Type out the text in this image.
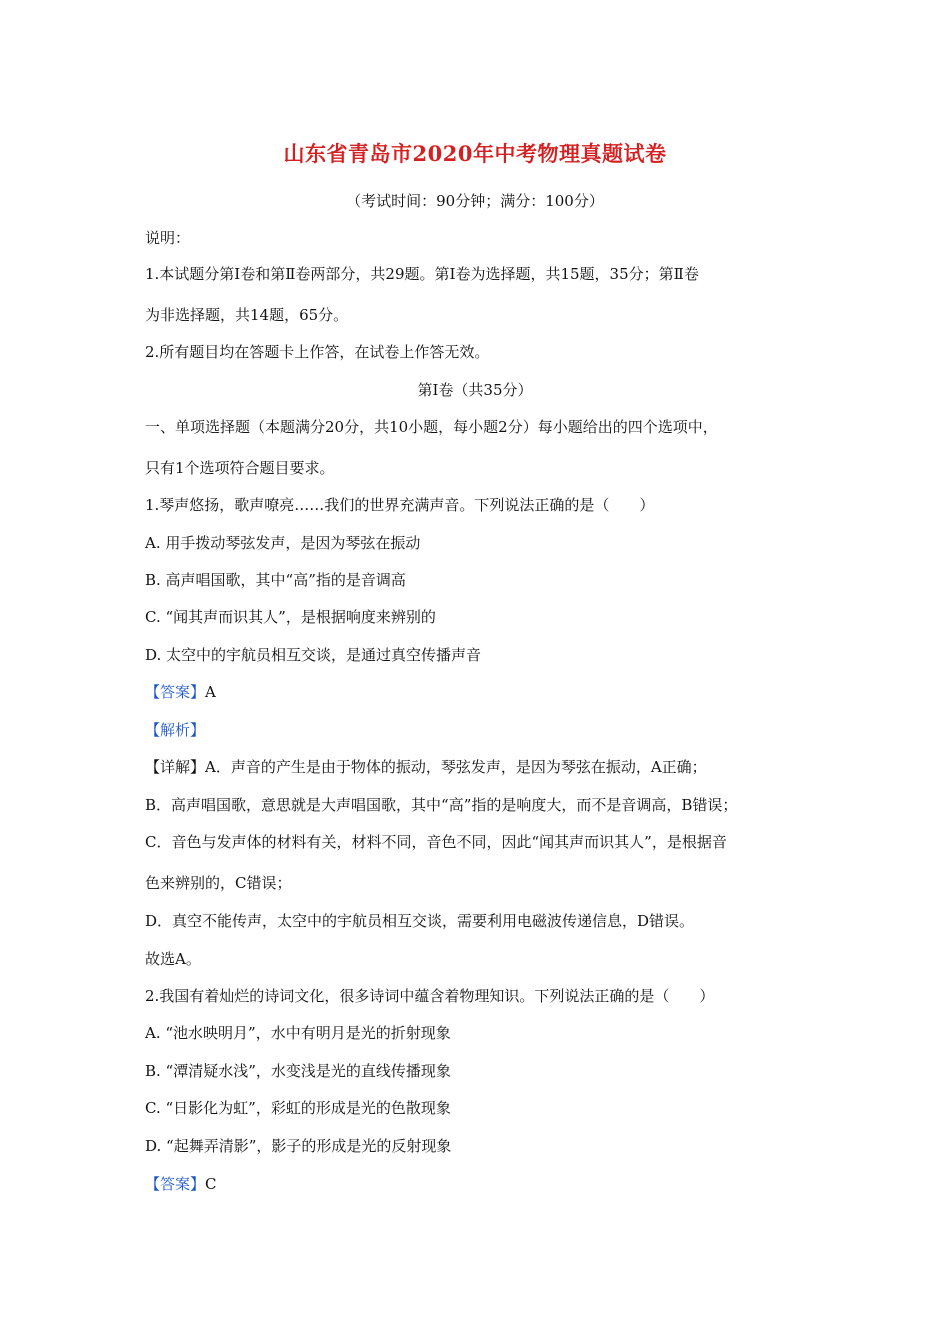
山东省青岛市2020年中考物理真题试卷
（考试时间：90分钟；满分：100分）
说明：
1.本试题分第Ⅰ卷和第Ⅱ卷两部分，共29题。第Ⅰ卷为选择题，共15题，35分；第Ⅱ卷
为非选择题，共14题，65分。
2.所有题目均在答题卡上作答，在试卷上作答无效。
第Ⅰ卷（共35分）
一、单项选择题（本题满分20分，共10小题，每小题2分）每小题给出的四个选项中，
只有1个选项符合题目要求。
1.琴声悠扬，歌声嘹亮……我们的世界充满声音。下列说法正确的是（　　）
A. 用手拨动琴弦发声，是因为琴弦在振动
B. 高声唱国歌，其中“高”指的是音调高
C. “闻其声而识其人”，是根据响度来辨别的
D. 太空中的宇航员相互交谈，是通过真空传播声音
【答案】A
【解析】
【详解】A．声音的产生是由于物体的振动，琴弦发声，是因为琴弦在振动，A正确；
B．高声唱国歌，意思就是大声唱国歌，其中“高”指的是响度大，而不是音调高，B错误；
C．音色与发声体的材料有关，材料不同，音色不同，因此“闻其声而识其人”，是根据音
色来辨别的，C错误；
D．真空不能传声，太空中的宇航员相互交谈，需要利用电磁波传递信息，D错误。
故选A。
2.我国有着灿烂的诗词文化，很多诗词中蕴含着物理知识。下列说法正确的是（　　）
A. “池水映明月”，水中有明月是光的折射现象
B. “潭清疑水浅”，水变浅是光的直线传播现象
C. “日影化为虹”，彩虹的形成是光的色散现象
D. “起舞弄清影”，影子的形成是光的反射现象
【答案】C
